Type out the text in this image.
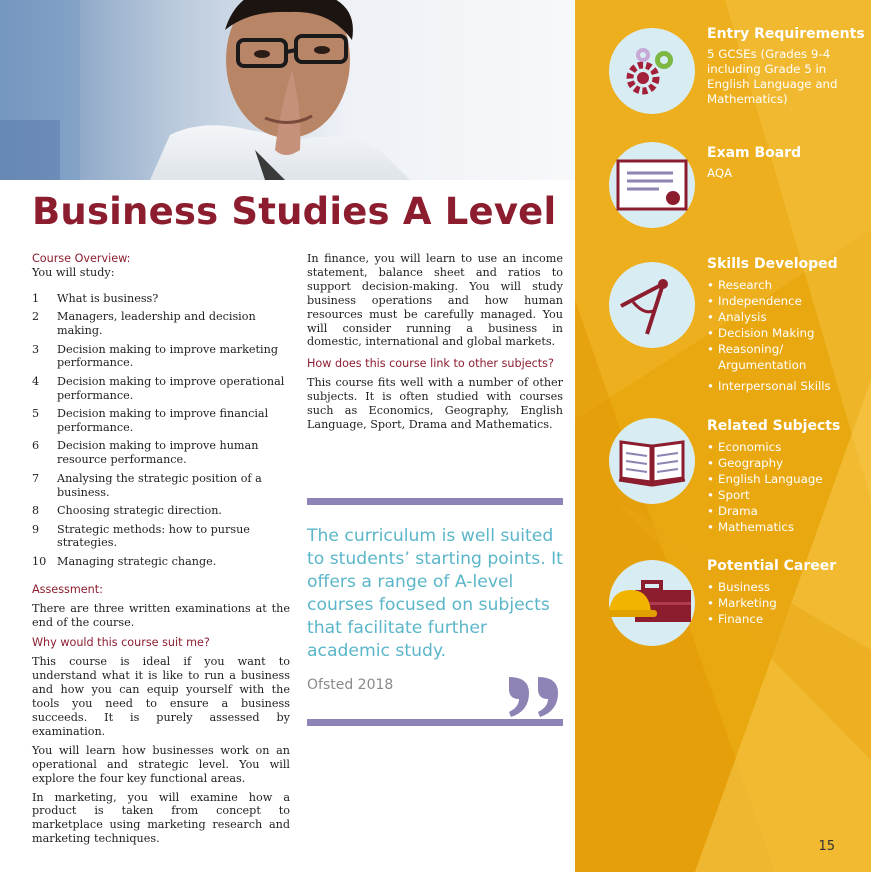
Business Studies A Level

Course Overview:

You will study:

1	What is business?
2	Managers, leadership and decision making.
3	Decision making to improve marketing performance.
4	Decision making to improve operational performance.
5	Decision making to improve financial performance.
6	Decision making to improve human resource performance.
7	Analysing the strategic position of a business.
8	Choosing strategic direction.
9	Strategic methods: how to pursue strategies.
10 Managing strategic change.

Assessment:

There are three written examinations at the end of the course.

Why would this course suit me?

This course is ideal if you want to understand what it is like to run a business and how you can equip yourself with the tools you need to ensure a business succeeds. It is purely assessed by examination.

You will learn how businesses work on an operational and strategic level. You will explore the four key functional areas.

In marketing, you will examine how a product is taken from concept to marketplace using marketing research and marketing techniques.

In finance, you will learn to use an income statement, balance sheet and ratios to support decision-making. You will study business operations and how human resources must be carefully managed. You will consider running a business in domestic, international and global markets.

How does this course link to other subjects?

This course fits well with a number of other subjects. It is often studied with courses such as Economics, Geography, English Language, Sport, Drama and Mathematics.

The curriculum is well suited to students’ starting points. It offers a range of A-level courses focused on subjects that facilitate further academic study.
Ofsted 2018

Entry Requirements

5 GCSEs (Grades 9-4 including Grade 5 in English Language and Mathematics)

Exam Board

AQA

Skills Developed

• Research
• Independence
• Analysis
• Decision Making
• Reasoning/ Argumentation
• Interpersonal Skills

Related Subjects

• Economics
• Geography
• English Language
• Sport
• Drama
• Mathematics

Potential Career

• Business
• Marketing
• Finance
15
